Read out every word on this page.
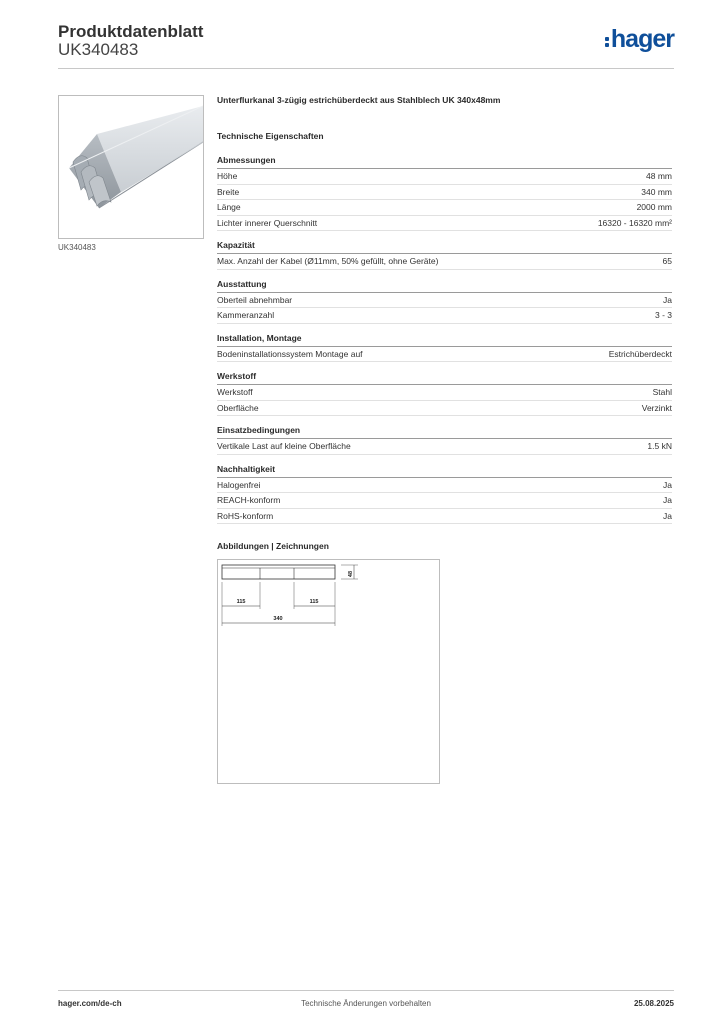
Produktdatenblatt
UK340483	hager
UK340483

Unterflurkanal 3-zügig estrichüberdeckt aus Stahlblech UK 340x48mm

Technische Eigenschaften

Abmessungen
Höhe	48 mm
Breite	340 mm
Länge	2000 mm
Lichter innerer Querschnitt	16320 - 16320 mm²
Kapazität
Max. Anzahl der Kabel (Ø11mm, 50% gefüllt, ohne Geräte)	65
Ausstattung
Oberteil abnehmbar	Ja
Kammeranzahl	3 - 3
Installation, Montage
Bodeninstallationssystem Montage auf	Estrichüberdeckt
Werkstoff
Werkstoff	Stahl
Oberfläche	Verzinkt
Einsatzbedingungen
Vertikale Last auf kleine Oberfläche	1.5 kN
Nachhaltigkeit
Halogenfrei	Ja
REACH-konform	Ja
RoHS-konform	Ja
Abbildungen | Zeichnungen
48
115	115
340
hager.com/de-ch	Technische Änderungen vorbehalten	25.08.2025
